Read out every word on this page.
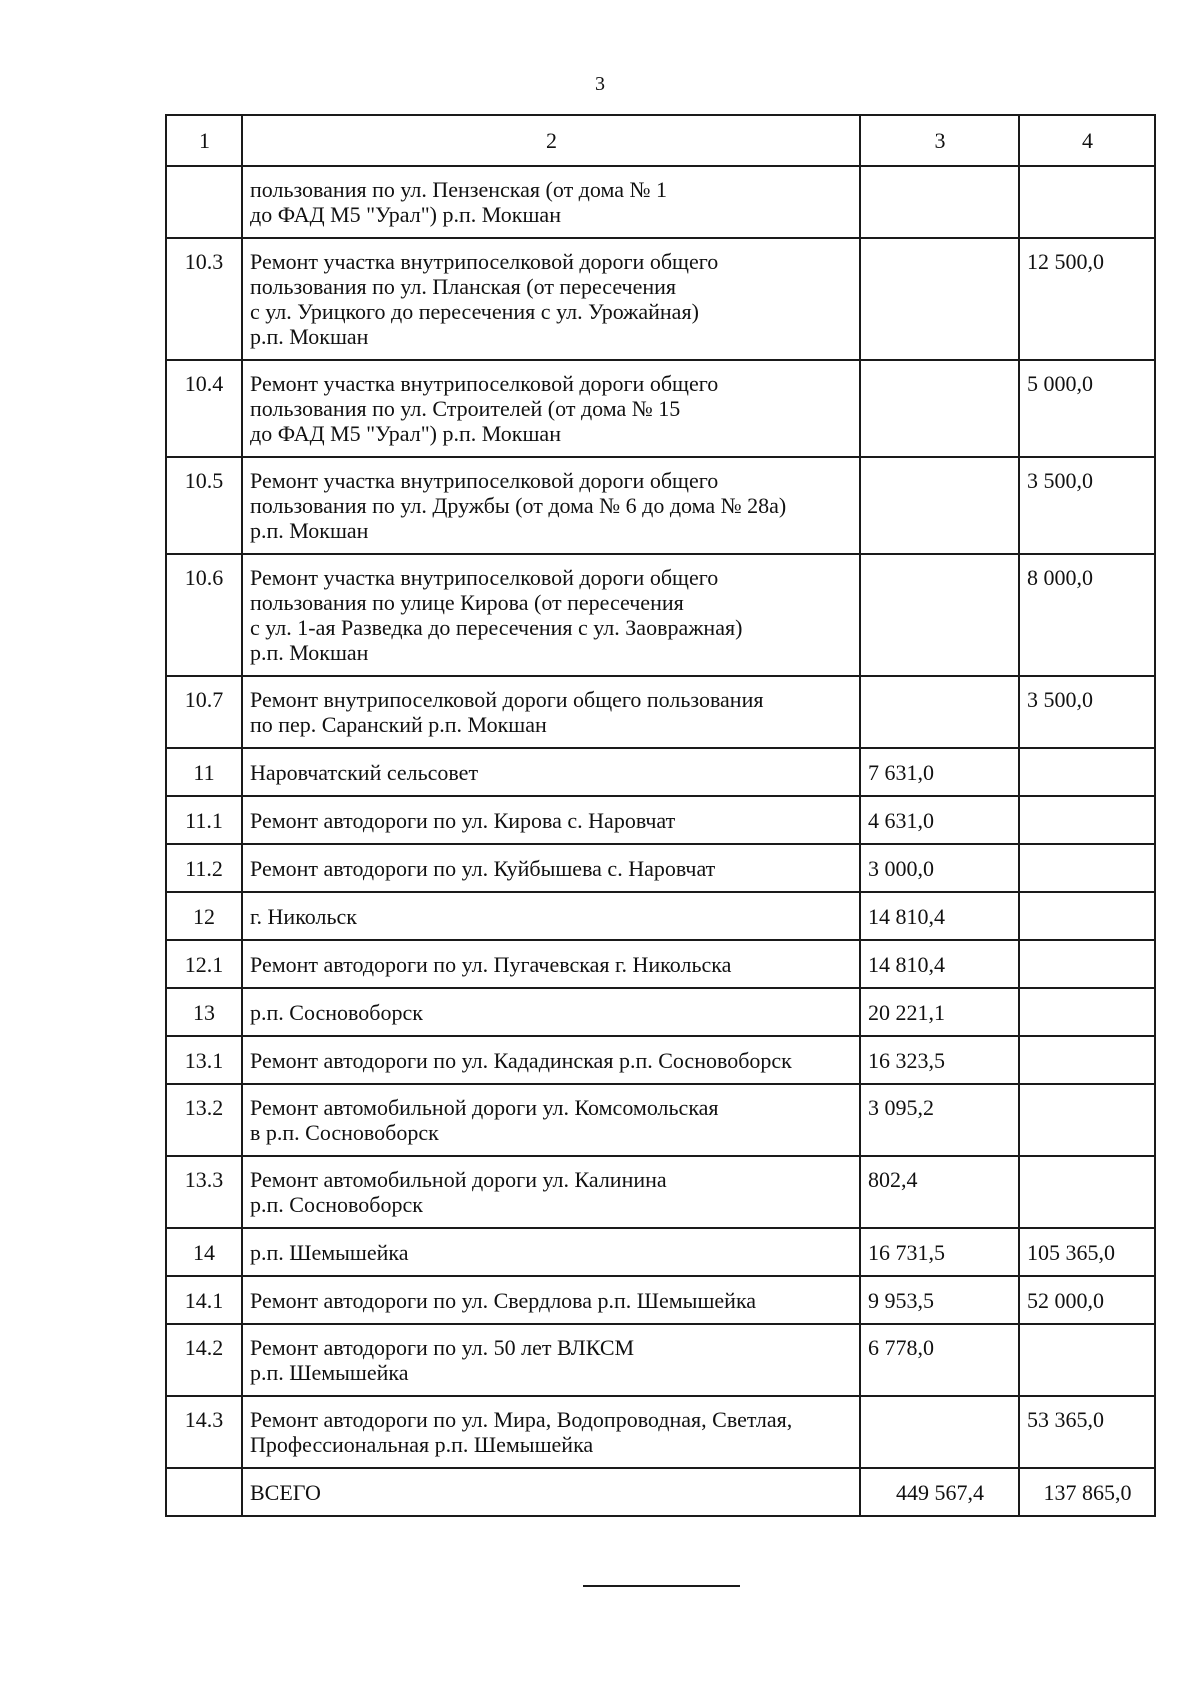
3
1	2	3	4
	пользования по ул. Пензенская (от дома № 1
до ФАД М5 "Урал") р.п. Мокшан		
10.3	Ремонт участка внутрипоселковой дороги общего
пользования по ул. Планская (от пересечения
с ул. Урицкого до пересечения с ул. Урожайная)
р.п. Мокшан		12 500,0
10.4	Ремонт участка внутрипоселковой дороги общего
пользования по ул. Строителей (от дома № 15
до ФАД М5 "Урал") р.п. Мокшан		5 000,0
10.5	Ремонт участка внутрипоселковой дороги общего
пользования по ул. Дружбы (от дома № 6 до дома № 28а)
р.п. Мокшан		3 500,0
10.6	Ремонт участка внутрипоселковой дороги общего
пользования по улице Кирова (от пересечения
с ул. 1-ая Разведка до пересечения с ул. Заовражная)
р.п. Мокшан		8 000,0
10.7	Ремонт внутрипоселковой дороги общего пользования
по пер. Саранский р.п. Мокшан		3 500,0
11	Наровчатский сельсовет	7 631,0	
11.1	Ремонт автодороги по ул. Кирова с. Наровчат	4 631,0	
11.2	Ремонт автодороги по ул. Куйбышева с. Наровчат	3 000,0	
12	г. Никольск	14 810,4	
12.1	Ремонт автодороги по ул. Пугачевская г. Никольска	14 810,4	
13	р.п. Сосновоборск	20 221,1	
13.1	Ремонт автодороги по ул. Кададинская р.п. Сосновоборск	16 323,5	
13.2	Ремонт автомобильной дороги ул. Комсомольская
в р.п. Сосновоборск	3 095,2	
13.3	Ремонт автомобильной дороги ул. Калинина
р.п. Сосновоборск	802,4	
14	р.п. Шемышейка	16 731,5	105 365,0
14.1	Ремонт автодороги по ул. Свердлова р.п. Шемышейка	9 953,5	52 000,0
14.2	Ремонт автодороги по ул. 50 лет ВЛКСМ
р.п. Шемышейка	6 778,0	
14.3	Ремонт автодороги по ул. Мира, Водопроводная, Светлая,
Профессиональная р.п. Шемышейка		53 365,0
	ВСЕГО	449 567,4	137 865,0
